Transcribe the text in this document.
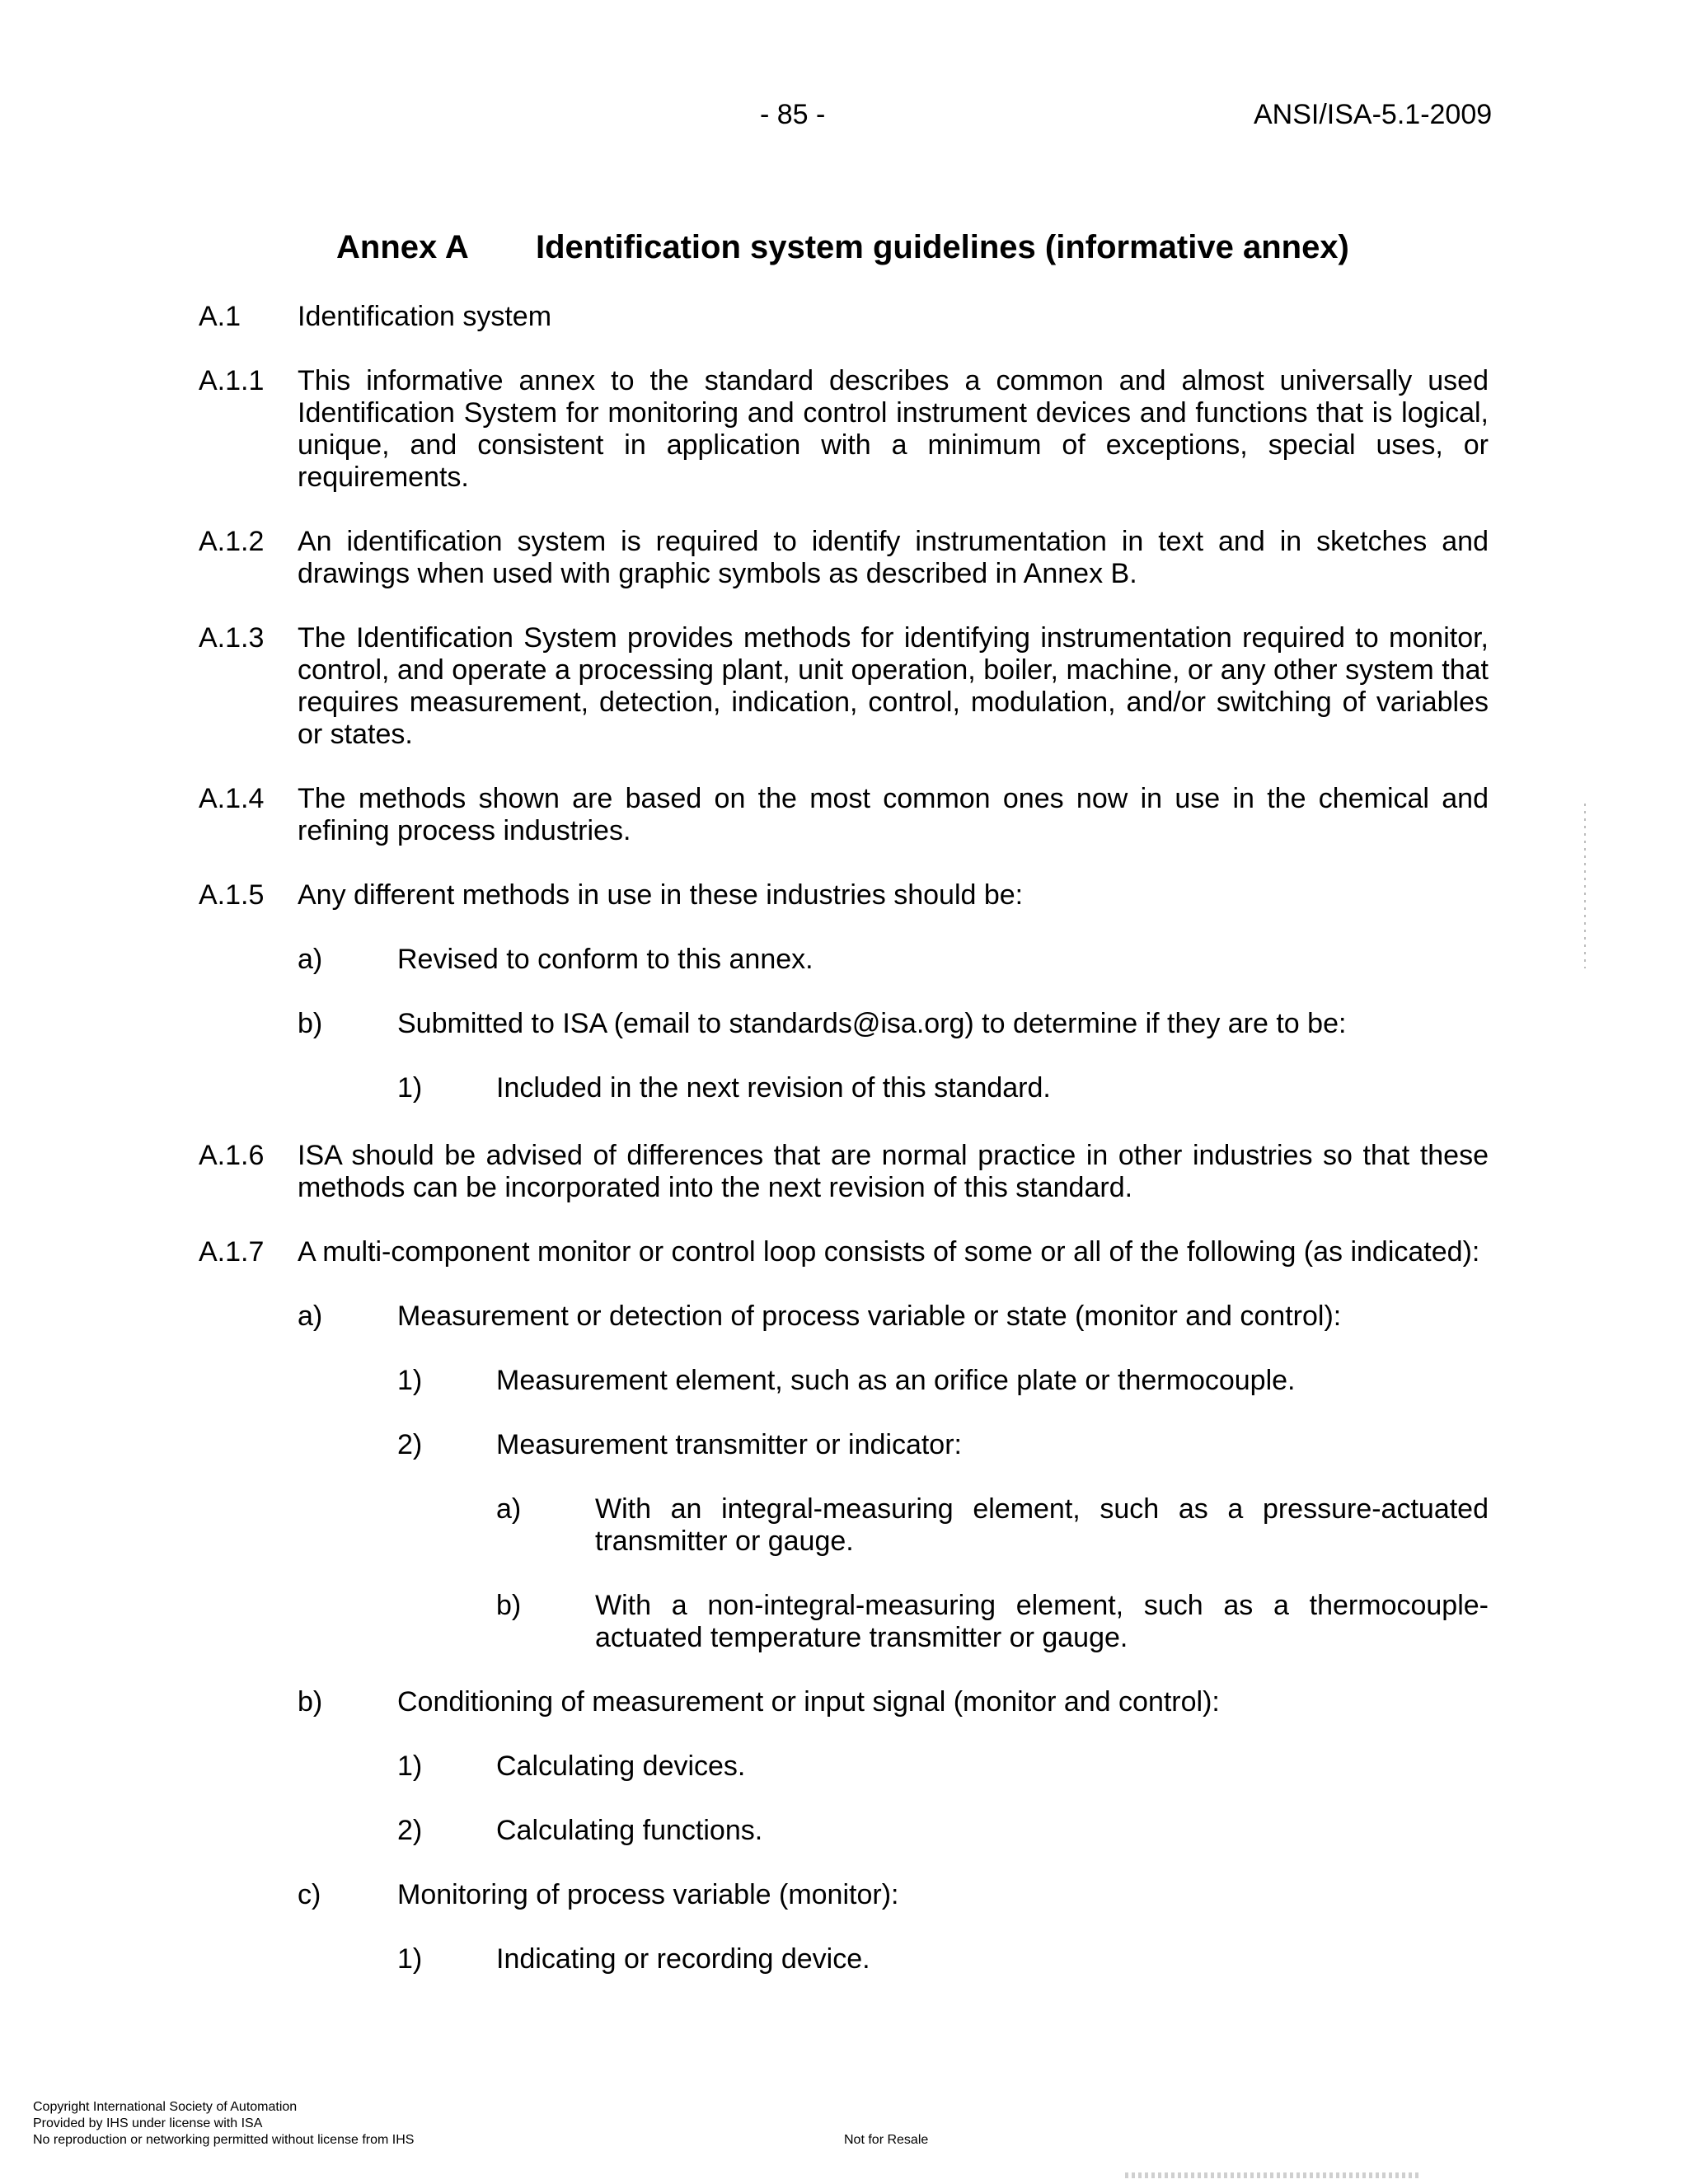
- 85 -	ANSI/ISA-5.1-2009
Annex A Identification system guidelines (informative annex)
A.1 Identification system
A.1.1 This informative annex to the standard describes a common and almost universally used Identification System for monitoring and control instrument devices and functions that is logical, unique, and consistent in application with a minimum of exceptions, special uses, or requirements.
A.1.2 An identification system is required to identify instrumentation in text and in sketches and drawings when used with graphic symbols as described in Annex B.
A.1.3 The Identification System provides methods for identifying instrumentation required to monitor, control, and operate a processing plant, unit operation, boiler, machine, or any other system that requires measurement, detection, indication, control, modulation, and/or switching of variables or states.
A.1.4 The methods shown are based on the most common ones now in use in the chemical and refining process industries.
A.1.5 Any different methods in use in these industries should be:
a)	Revised to conform to this annex.
b)	Submitted to ISA (email to standards@isa.org) to determine if they are to be:
1)	Included in the next revision of this standard.
A.1.6 ISA should be advised of differences that are normal practice in other industries so that these methods can be incorporated into the next revision of this standard.
A.1.7 A multi-component monitor or control loop consists of some or all of the following (as indicated):
a)	Measurement or detection of process variable or state (monitor and control):
1)	Measurement element, such as an orifice plate or thermocouple.
2)	Measurement transmitter or indicator:
a)	With an integral-measuring element, such as a pressure-actuated transmitter or gauge.
b)	With a non-integral-measuring element, such as a thermocouple-actuated temperature transmitter or gauge.
b)	Conditioning of measurement or input signal (monitor and control):
1)	Calculating devices.
2)	Calculating functions.
c)	Monitoring of process variable (monitor):
1)	Indicating or recording device.
Copyright International Society of Automation
Provided by IHS under license with ISA
No reproduction or networking permitted without license from IHS	Not for Resale
